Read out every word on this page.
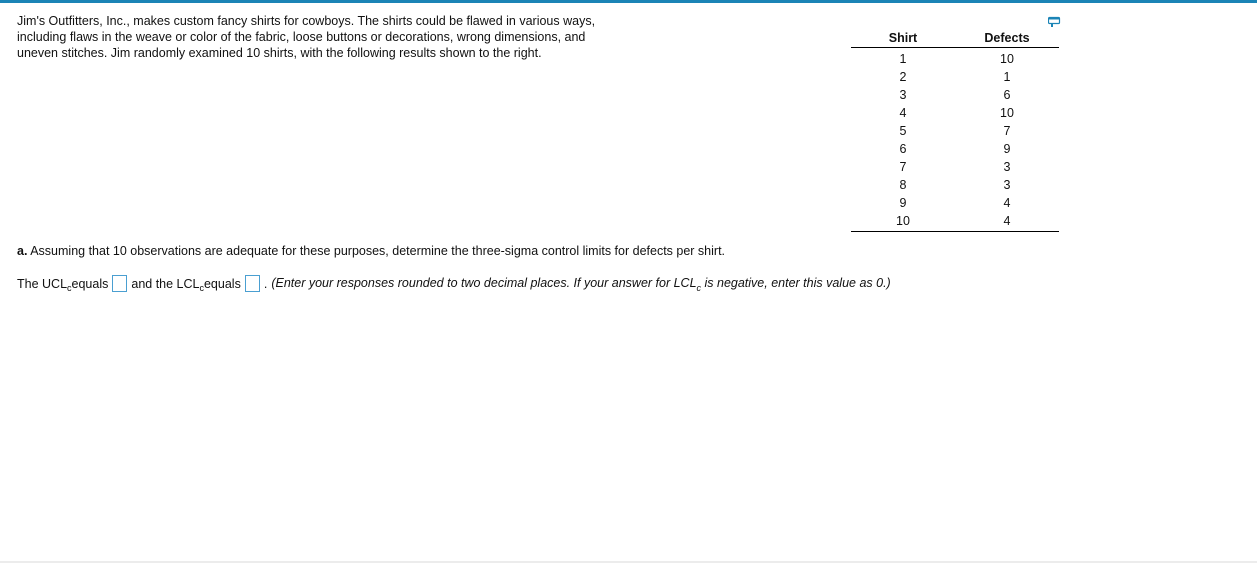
Jim's Outfitters, Inc., makes custom fancy shirts for cowboys. The shirts could be flawed in various ways, including flaws in the weave or color of the fabric, loose buttons or decorations, wrong dimensions, and uneven stitches. Jim randomly examined 10 shirts, with the following results shown to the right.
Shirt	Defects
1	10
2	1
3	6
4	10
5	7
6	9
7	3
8	3
9	4
10	4
a. Assuming that 10 observations are adequate for these purposes, determine the three-sigma control limits for defects per shirt.
The UCL c equals and the LCL c equals . (Enter your responses rounded to two decimal places. If your answer for $LCL_c$ is negative, enter this value as 0.)
